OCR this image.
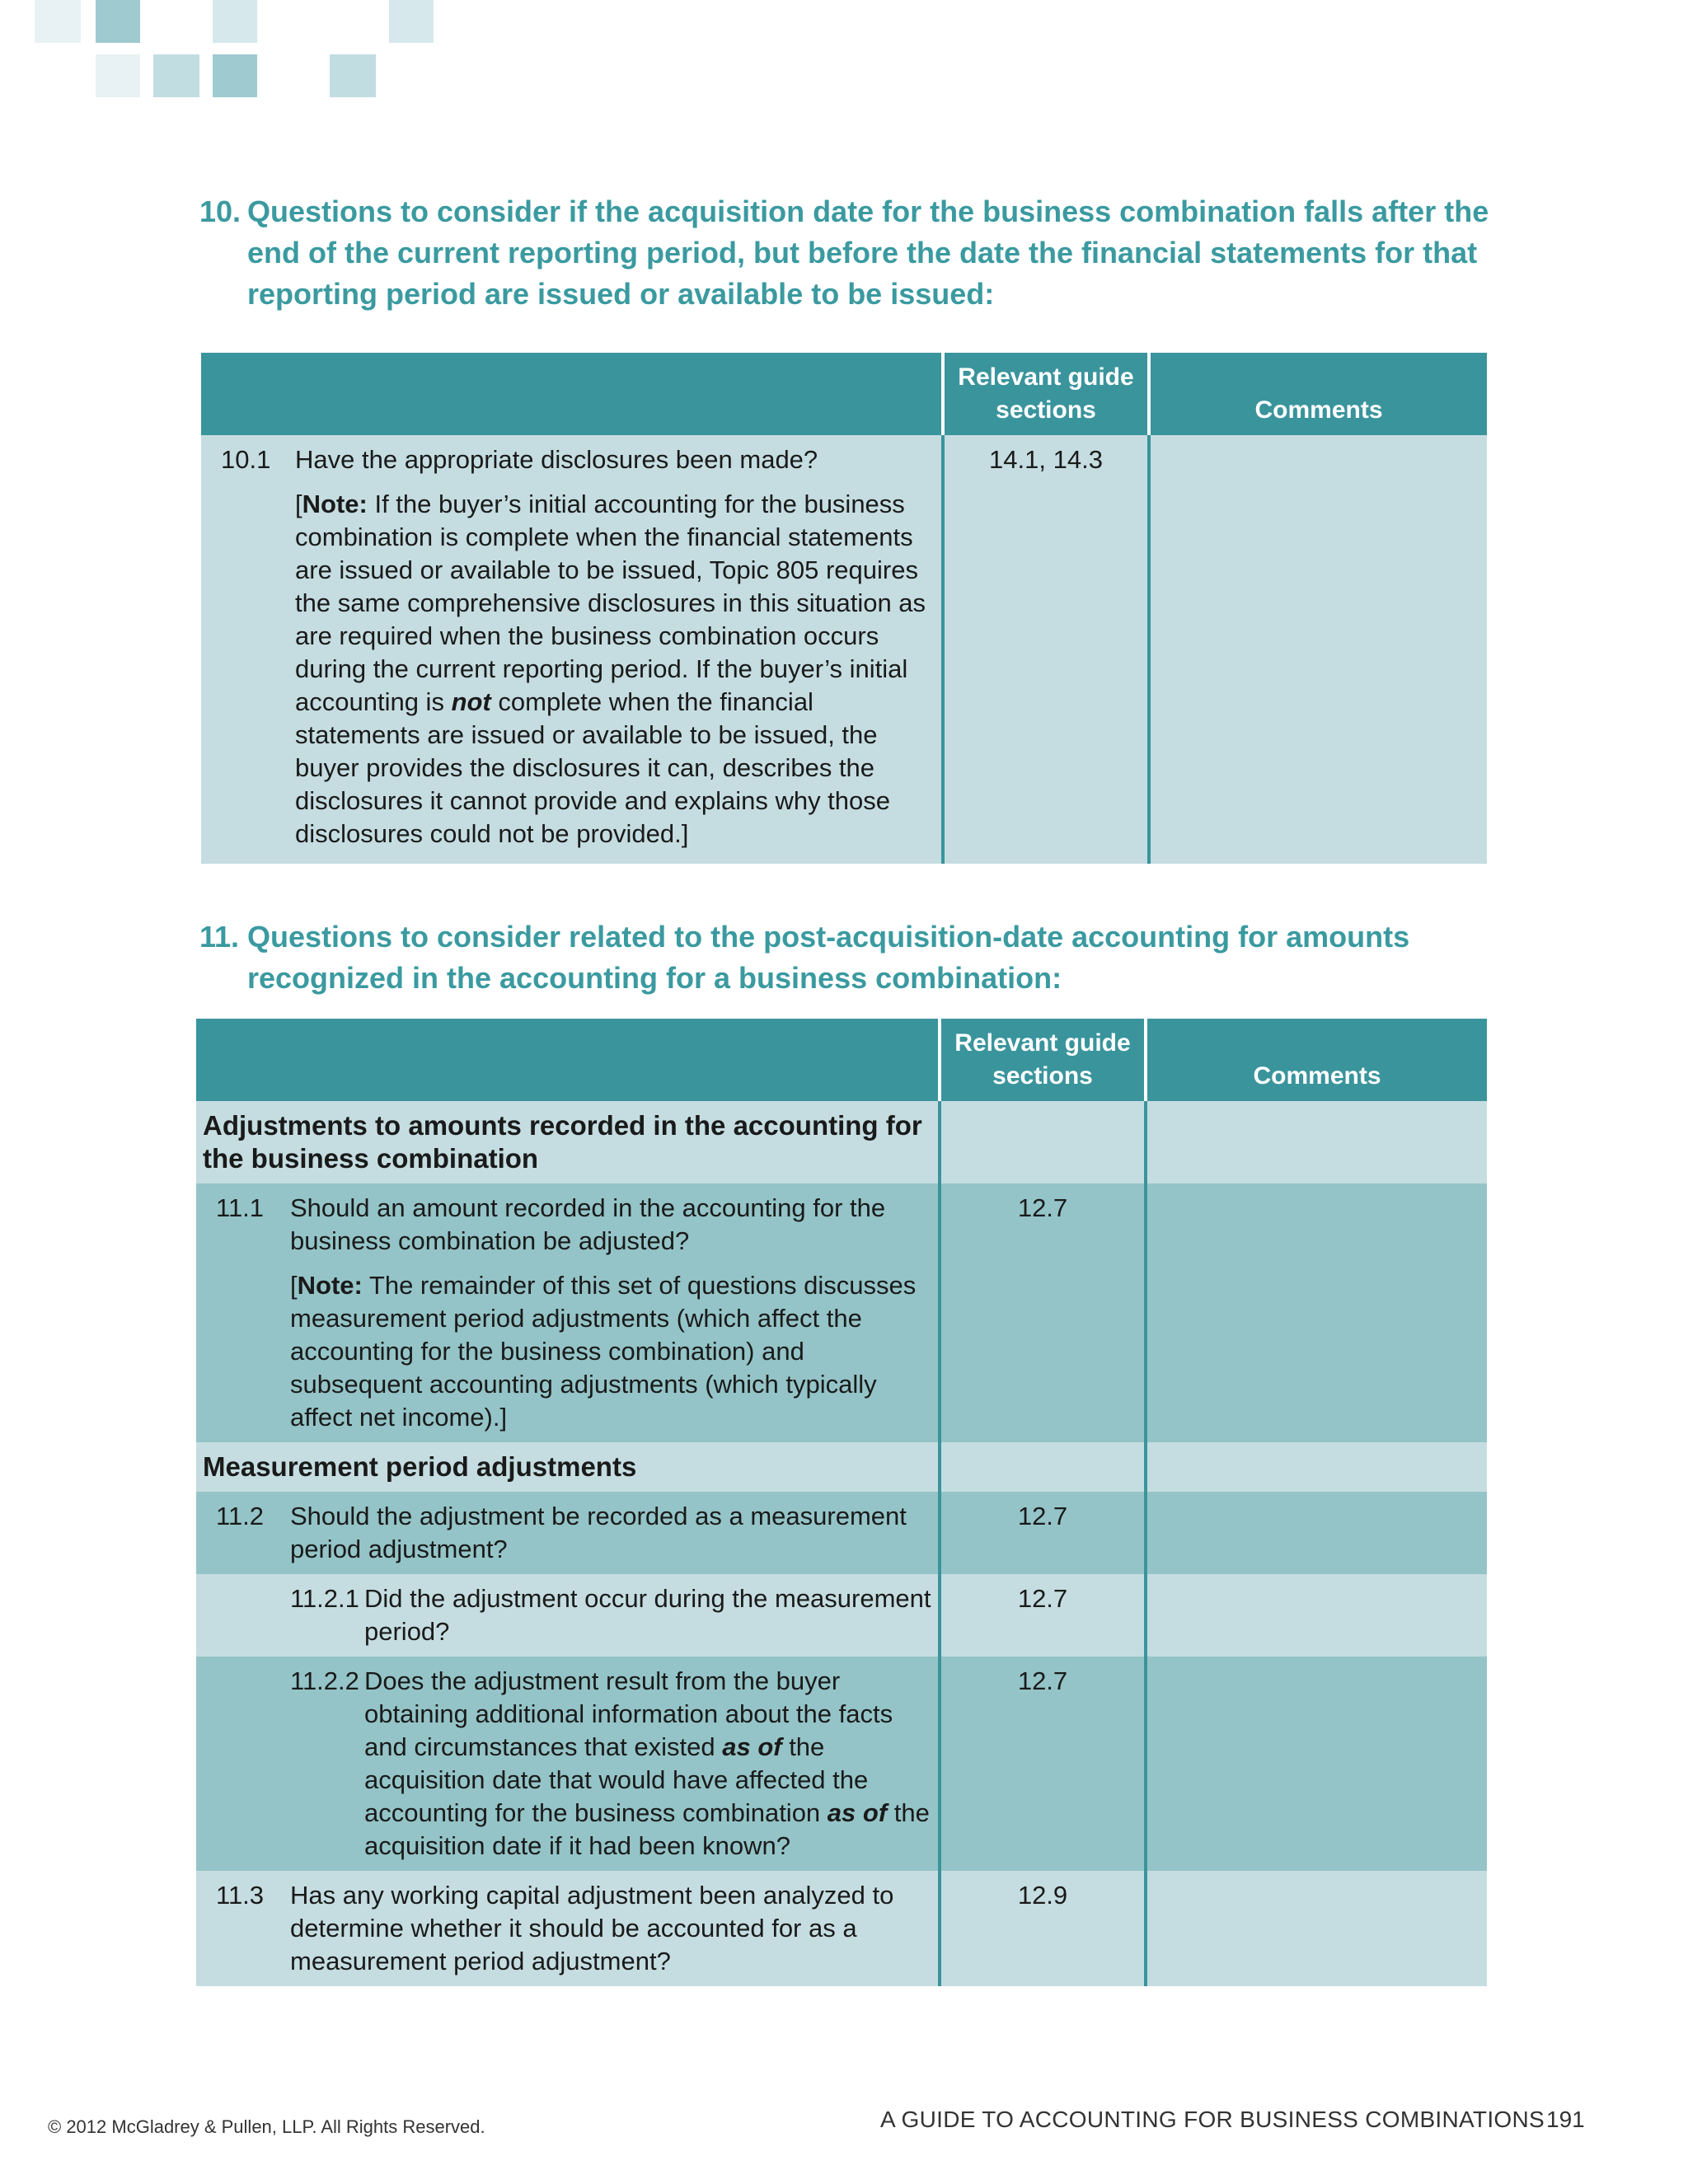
10. Questions to consider if the acquisition date for the business combination falls after the end of the current reporting period, but before the date the financial statements for that reporting period are issued or available to be issued:
	Relevant guide sections	Comments

10.1 Have the appropriate disclosures been made?

[Note: If the buyer’s initial accounting for the business combination is complete when the financial statements are issued or available to be issued, Topic 805 requires the same comprehensive disclosures in this situation as are required when the business combination occurs during the current reporting period. If the buyer’s initial accounting is not complete when the financial statements are issued or available to be issued, the buyer provides the disclosures it can, describes the disclosures it cannot provide and explains why those disclosures could not be provided.]	14.1, 14.3	
11. Questions to consider related to the post-acquisition-date accounting for amounts recognized in the accounting for a business combination:
	Relevant guide sections	Comments
Adjustments to amounts recorded in the accounting for the business combination		

11.1 Should an amount recorded in the accounting for the business combination be adjusted?

[Note: The remainder of this set of questions discusses measurement period adjustments (which affect the accounting for the business combination) and subsequent accounting adjustments (which typically affect net income).]	12.7	
Measurement period adjustments		

11.2 Should the adjustment be recorded as a measurement period adjustment?	12.7	

11.2.1 Did the adjustment occur during the measurement period?	12.7	

11.2.2 Does the adjustment result from the buyer obtaining additional information about the facts and circumstances that existed as of the acquisition date that would have affected the accounting for the business combination as of the acquisition date if it had been known?	12.7	

11.3 Has any working capital adjustment been analyzed to determine whether it should be accounted for as a measurement period adjustment?	12.9	
© 2012 McGladrey & Pullen, LLP. All Rights Reserved.	A GUIDE TO ACCOUNTING FOR BUSINESS COMBINATIONS 191
